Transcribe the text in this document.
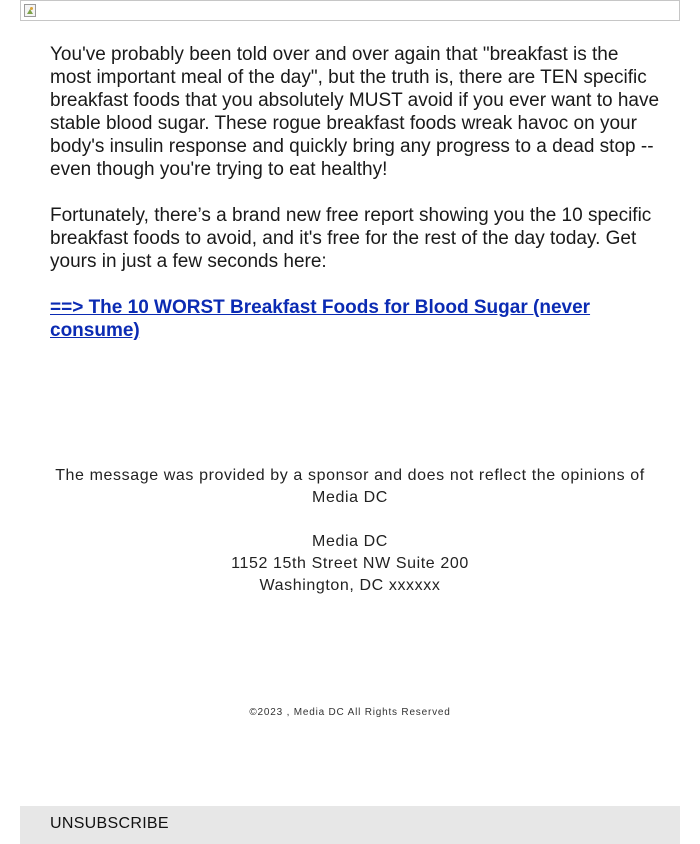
You've probably been told over and over again that "breakfast is the most important meal of the day", but the truth is, there are TEN specific breakfast foods that you absolutely MUST avoid if you ever want to have stable blood sugar. These rogue breakfast foods wreak havoc on your body's insulin response and quickly bring any progress to a dead stop -- even though you're trying to eat healthy!

Fortunately, there’s a brand new free report showing you the 10 specific breakfast foods to avoid, and it's free for the rest of the day today. Get yours in just a few seconds here:

==> The 10 WORST Breakfast Foods for Blood Sugar (never consume)

The message was provided by a sponsor and does not reflect the opinions of Media DC

Media DC

1152 15th Street NW Suite 200

Washington, DC xxxxxx

©2023 , Media DC All Rights Reserved
UNSUBSCRIBE
